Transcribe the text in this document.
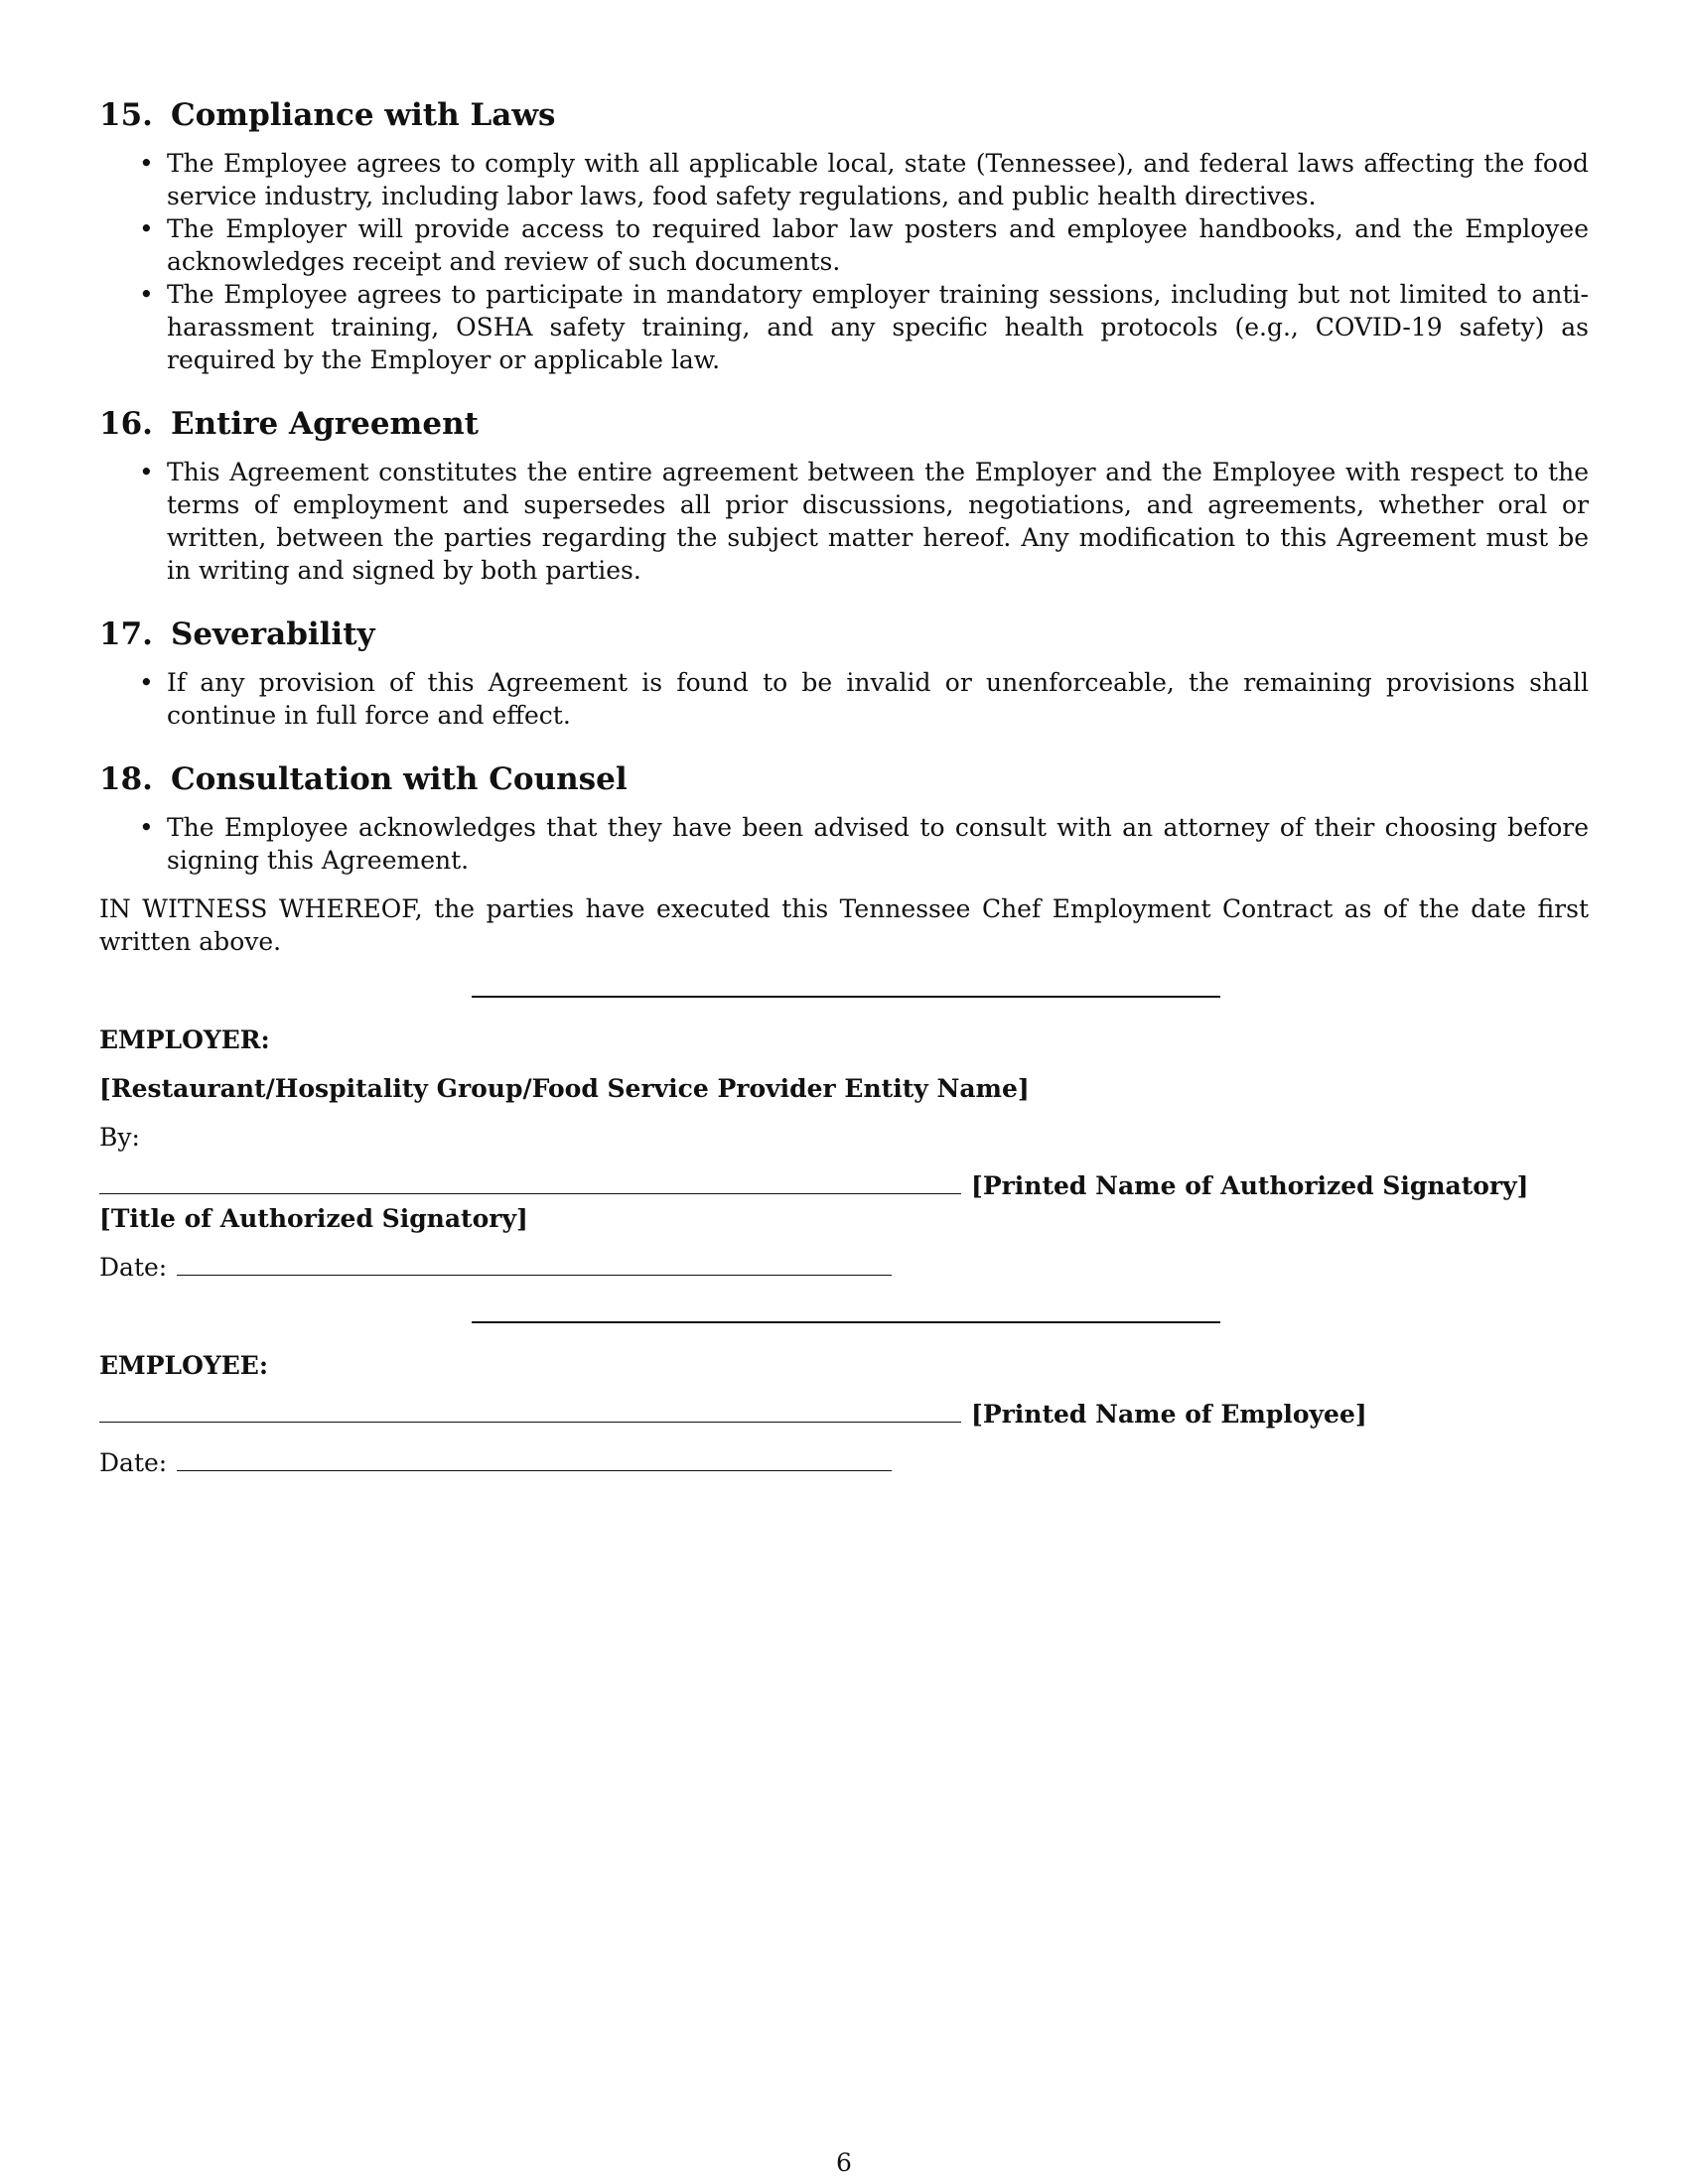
15. Compliance with Laws
• The Employee agrees to comply with all applicable local, state (Tennessee), and federal laws affecting the food service industry, including labor laws, food safety regulations, and public health directives.
• The Employer will provide access to required labor law posters and employee handbooks, and the Employee acknowledges receipt and review of such documents.
• The Employee agrees to participate in mandatory employer training sessions, including but not limited to anti-harassment training, OSHA safety training, and any specific health protocols (e.g., COVID-19 safety) as required by the Employer or applicable law.
16. Entire Agreement
• This Agreement constitutes the entire agreement between the Employer and the Employee with respect to the terms of employment and supersedes all prior discussions, negotiations, and agreements, whether oral or written, between the parties regarding the subject matter hereof. Any modification to this Agreement must be in writing and signed by both parties.
17. Severability
• If any provision of this Agreement is found to be invalid or unenforceable, the remaining provisions shall continue in full force and effect.
18. Consultation with Counsel
• The Employee acknowledges that they have been advised to consult with an attorney of their choosing before signing this Agreement.
IN WITNESS WHEREOF, the parties have executed this Tennessee Chef Employment Contract as of the date first written above.
EMPLOYER:
[Restaurant/Hospitality Group/Food Service Provider Entity Name]
By:
[Printed Name of Authorized Signatory] [Title of Authorized Signatory]
Date:
EMPLOYEE:
[Printed Name of Employee]
Date:
6
